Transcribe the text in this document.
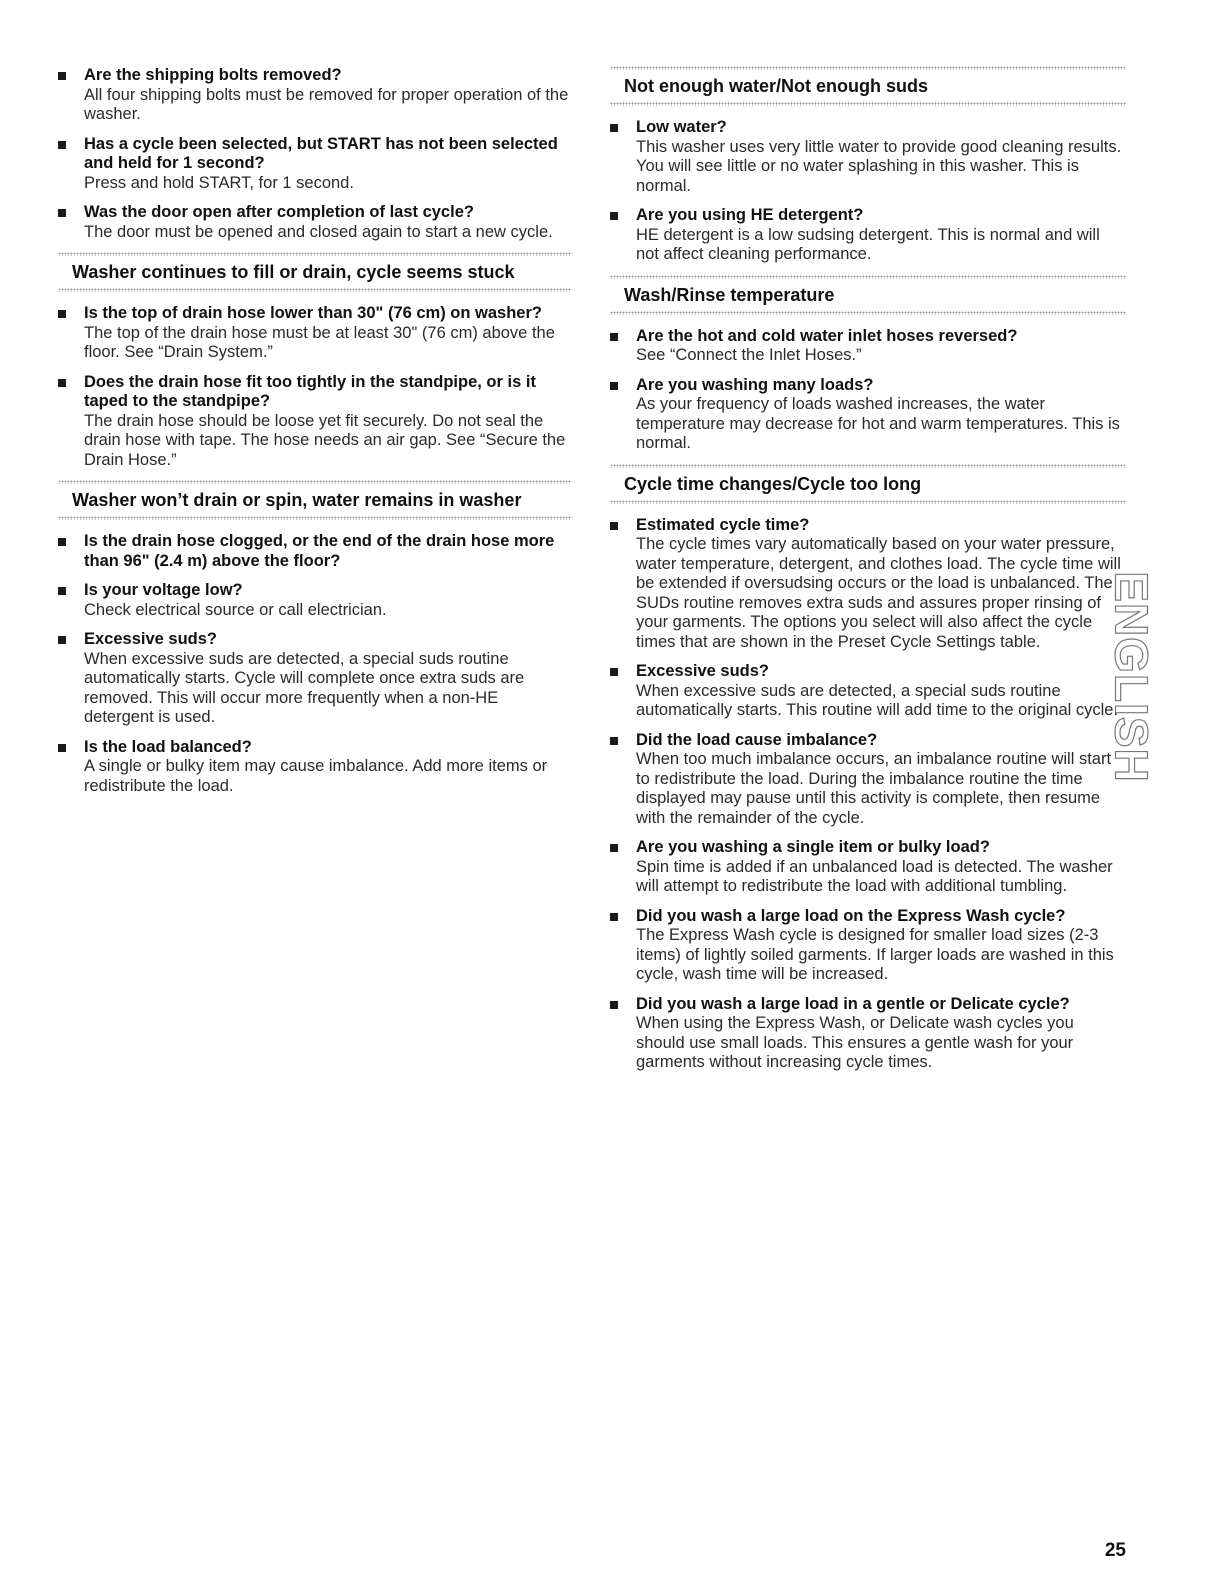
Are the shipping bolts removed?
All four shipping bolts must be removed for proper operation of the washer.
Has a cycle been selected, but START has not been selected and held for 1 second?
Press and hold START, for 1 second.
Was the door open after completion of last cycle?
The door must be opened and closed again to start a new cycle.
Washer continues to fill or drain, cycle seems stuck
Is the top of drain hose lower than 30" (76 cm) on washer?
The top of the drain hose must be at least 30" (76 cm) above the floor. See “Drain System.”
Does the drain hose fit too tightly in the standpipe, or is it taped to the standpipe?
The drain hose should be loose yet fit securely. Do not seal the drain hose with tape. The hose needs an air gap. See “Secure the Drain Hose.”
Washer won’t drain or spin, water remains in washer
Is the drain hose clogged, or the end of the drain hose more than 96" (2.4 m) above the floor?
Is your voltage low?
Check electrical source or call electrician.
Excessive suds?
When excessive suds are detected, a special suds routine automatically starts. Cycle will complete once extra suds are removed. This will occur more frequently when a non-HE detergent is used.
Is the load balanced?
A single or bulky item may cause imbalance. Add more items or redistribute the load.
Not enough water/Not enough suds
Low water?
This washer uses very little water to provide good cleaning results. You will see little or no water splashing in this washer. This is normal.
Are you using HE detergent?
HE detergent is a low sudsing detergent. This is normal and will not affect cleaning performance.
Wash/Rinse temperature
Are the hot and cold water inlet hoses reversed?
See “Connect the Inlet Hoses.”
Are you washing many loads?
As your frequency of loads washed increases, the water temperature may decrease for hot and warm temperatures. This is normal.
Cycle time changes/Cycle too long
Estimated cycle time?
The cycle times vary automatically based on your water pressure, water temperature, detergent, and clothes load. The cycle time will be extended if oversudsing occurs or the load is unbalanced. The SUDs routine removes extra suds and assures proper rinsing of your garments. The options you select will also affect the cycle times that are shown in the Preset Cycle Settings table.
Excessive suds?
When excessive suds are detected, a special suds routine automatically starts. This routine will add time to the original cycle.
Did the load cause imbalance?
When too much imbalance occurs, an imbalance routine will start to redistribute the load. During the imbalance routine the time displayed may pause until this activity is complete, then resume with the remainder of the cycle.
Are you washing a single item or bulky load?
Spin time is added if an unbalanced load is detected. The washer will attempt to redistribute the load with additional tumbling.
Did you wash a large load on the Express Wash cycle?
The Express Wash cycle is designed for smaller load sizes (2-3 items) of lightly soiled garments. If larger loads are washed in this cycle, wash time will be increased.
Did you wash a large load in a gentle or Delicate cycle?
When using the Express Wash, or Delicate wash cycles you should use small loads. This ensures a gentle wash for your garments without increasing cycle times.
ENGLISH
25
